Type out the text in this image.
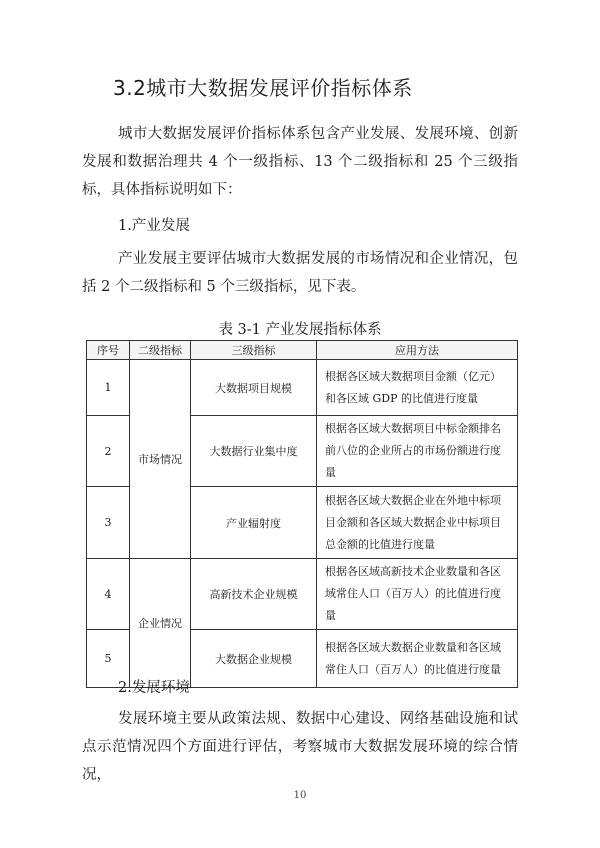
3.2城市大数据发展评价指标体系
城市大数据发展评价指标体系包含产业发展、发展环境、创新发展和数据治理共 4 个一级指标、13 个二级指标和 25 个三级指标，具体指标说明如下：
1.产业发展
产业发展主要评估城市大数据发展的市场情况和企业情况，包括 2 个二级指标和 5 个三级指标，见下表。
表 3-1 产业发展指标体系
序号	二级指标	三级指标	应用方法
1	市场情况	大数据项目规模	根据各区域大数据项目金额（亿元）和各区域 GDP 的比值进行度量
2		大数据行业集中度	根据各区域大数据项目中标金额排名前八位的企业所占的市场份额进行度量
3		产业辐射度	根据各区域大数据企业在外地中标项目金额和各区域大数据企业中标项目总金额的比值进行度量
4	企业情况	高新技术企业规模	根据各区域高新技术企业数量和各区域常住人口（百万人）的比值进行度量
5		大数据企业规模	根据各区域大数据企业数量和各区域常住人口（百万人）的比值进行度量
2.发展环境
发展环境主要从政策法规、数据中心建设、网络基础设施和试点示范情况四个方面进行评估，考察城市大数据发展环境的综合情况，
10
